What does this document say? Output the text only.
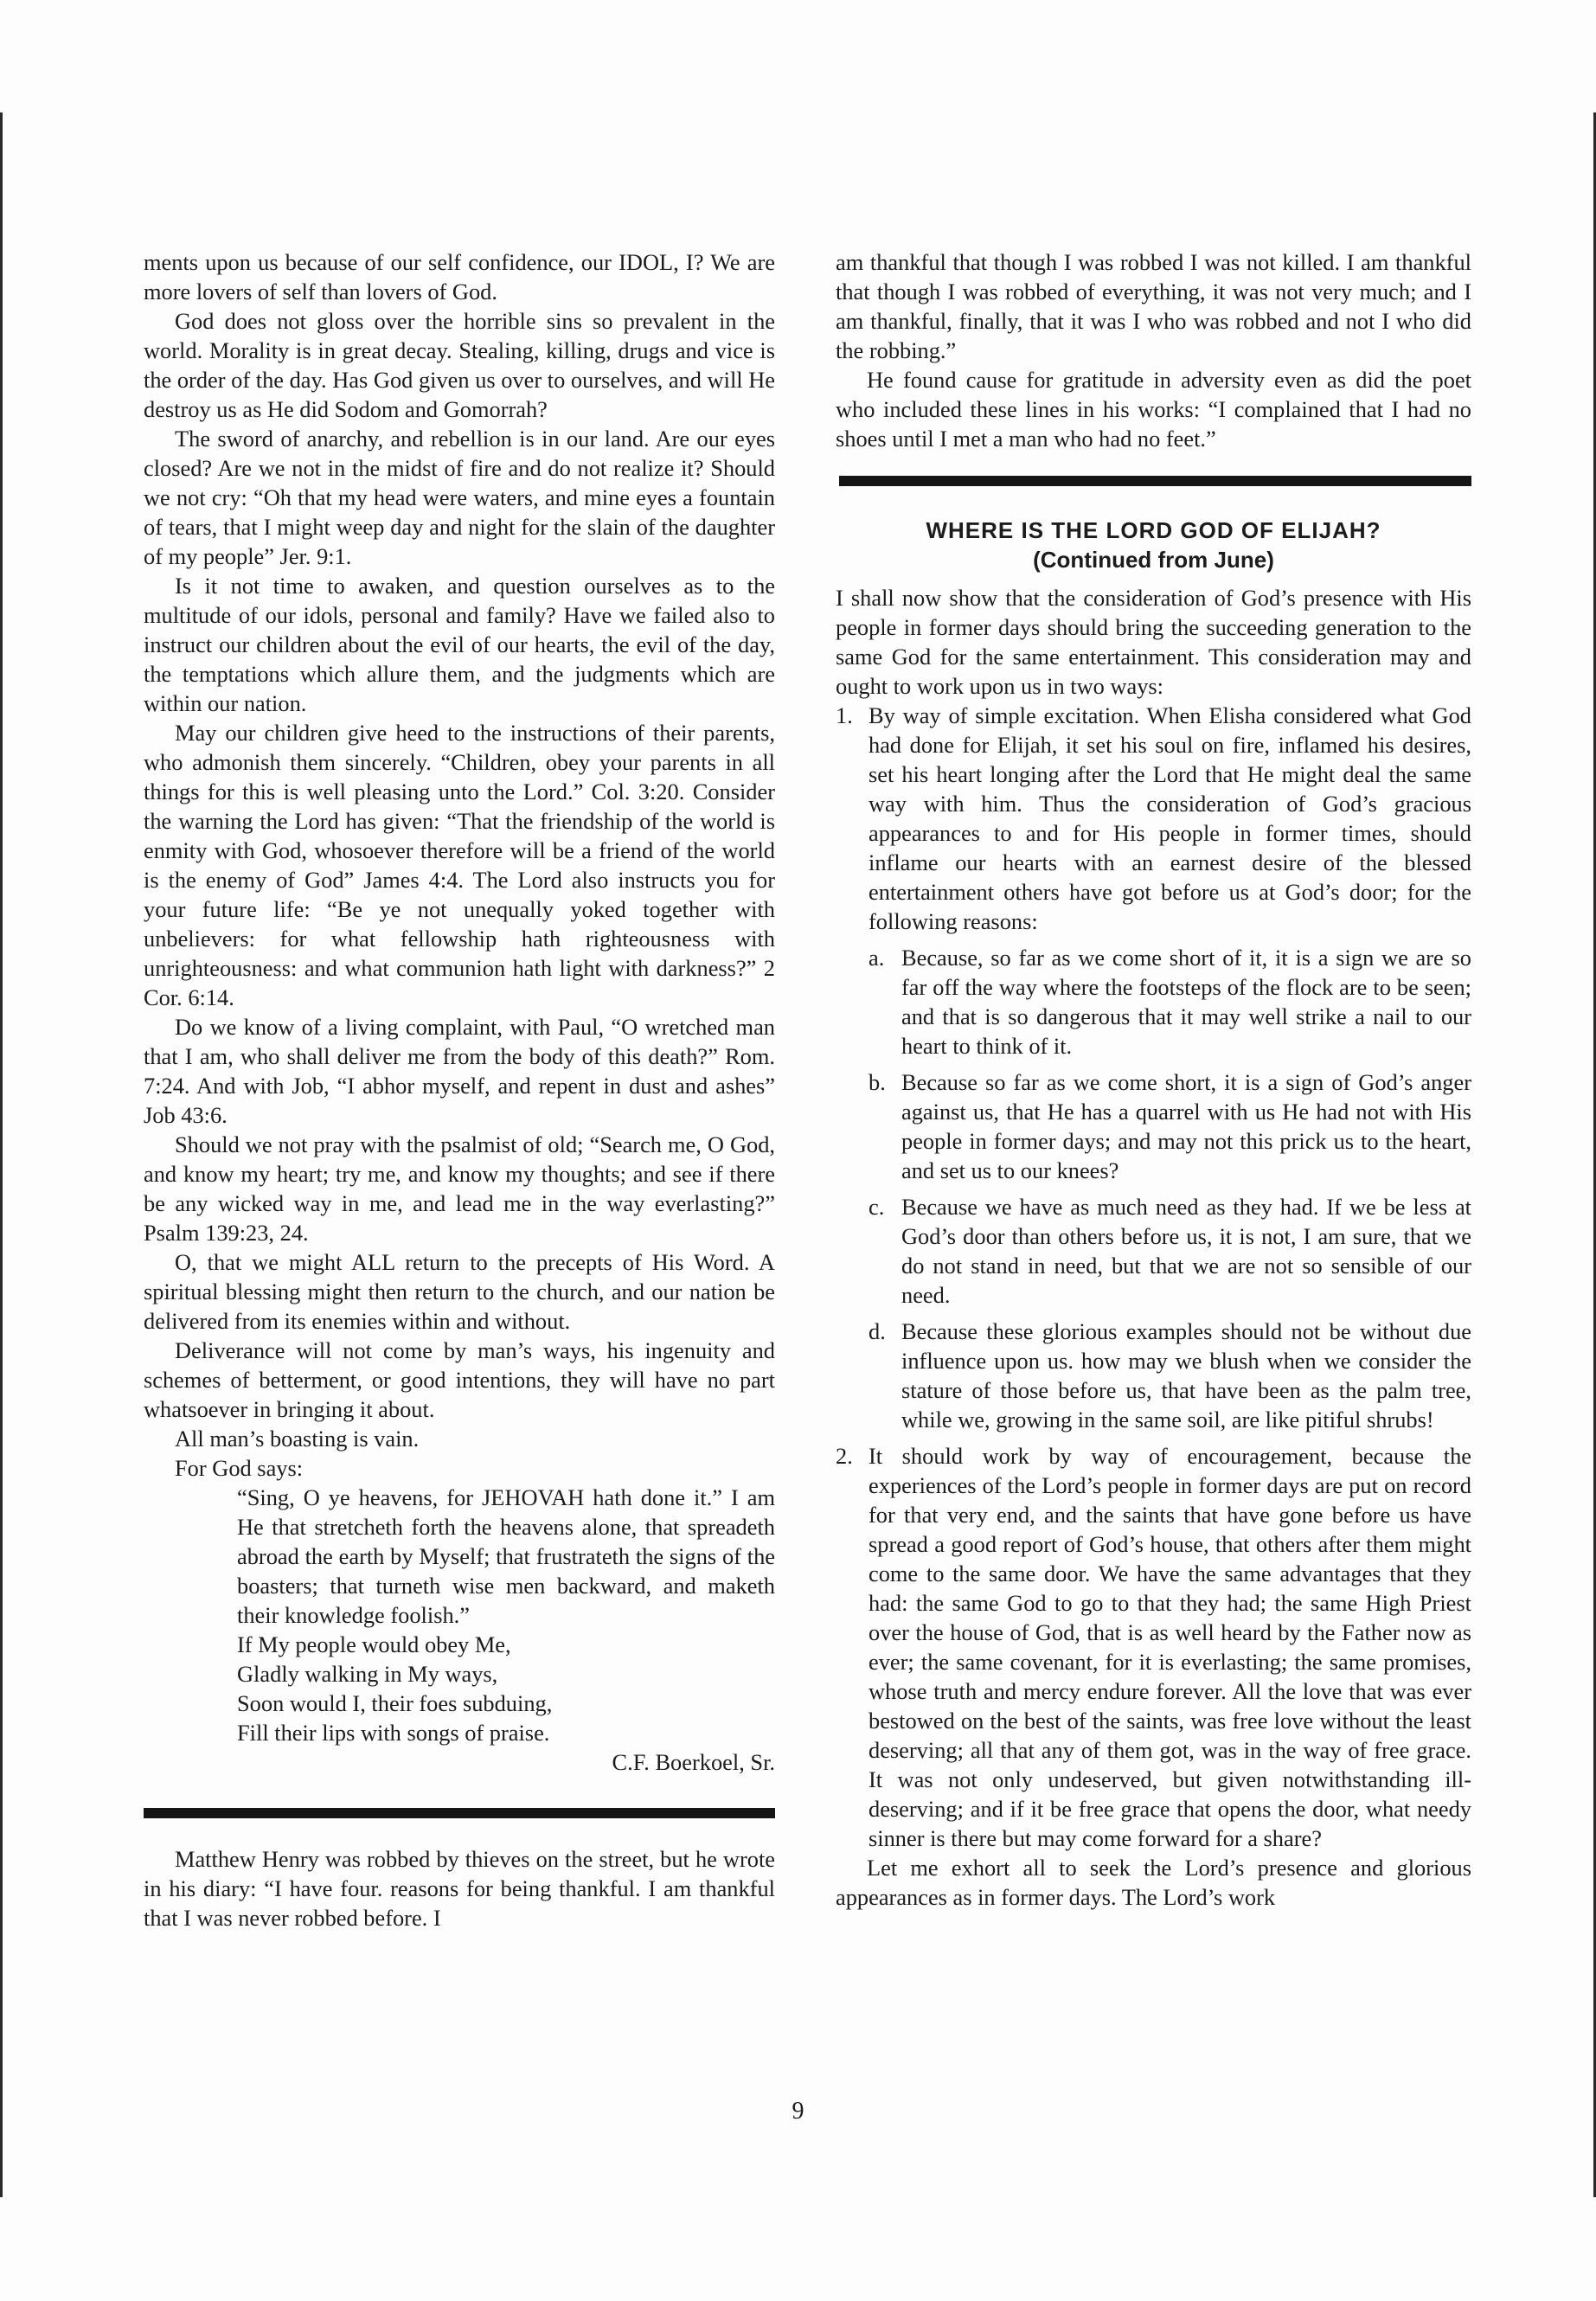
ments upon us because of our self confidence, our IDOL, I? We are more lovers of self than lovers of God.

God does not gloss over the horrible sins so prevalent in the world. Morality is in great decay. Stealing, killing, drugs and vice is the order of the day. Has God given us over to ourselves, and will He destroy us as He did Sodom and Gomorrah?

The sword of anarchy, and rebellion is in our land. Are our eyes closed? Are we not in the midst of fire and do not realize it? Should we not cry: “Oh that my head were waters, and mine eyes a fountain of tears, that I might weep day and night for the slain of the daughter of my people” Jer. 9:1.

Is it not time to awaken, and question ourselves as to the multitude of our idols, personal and family? Have we failed also to instruct our children about the evil of our hearts, the evil of the day, the temptations which allure them, and the judgments which are within our nation.

May our children give heed to the instructions of their parents, who admonish them sincerely. “Children, obey your parents in all things for this is well pleasing unto the Lord.” Col. 3:20. Consider the warning the Lord has given: “That the friendship of the world is enmity with God, whosoever therefore will be a friend of the world is the enemy of God” James 4:4. The Lord also instructs you for your future life: “Be ye not unequally yoked together with unbelievers: for what fellowship hath righteousness with unrighteousness: and what communion hath light with darkness?” 2 Cor. 6:14.

Do we know of a living complaint, with Paul, “O wretched man that I am, who shall deliver me from the body of this death?” Rom. 7:24. And with Job, “I abhor myself, and repent in dust and ashes” Job 43:6.

Should we not pray with the psalmist of old; “Search me, O God, and know my heart; try me, and know my thoughts; and see if there be any wicked way in me, and lead me in the way everlasting?” Psalm 139:23, 24.

O, that we might ALL return to the precepts of His Word. A spiritual blessing might then return to the church, and our nation be delivered from its enemies within and without.

Deliverance will not come by man’s ways, his ingenuity and schemes of betterment, or good intentions, they will have no part whatsoever in bringing it about.

All man’s boasting is vain.

For God says:

“Sing, O ye heavens, for JEHOVAH hath done it.” I am He that stretcheth forth the heavens alone, that spreadeth abroad the earth by Myself; that frustrateth the signs of the boasters; that turneth wise men backward, and maketh their knowledge foolish.”

If My people would obey Me,

Gladly walking in My ways,

Soon would I, their foes subduing,

Fill their lips with songs of praise.

C.F. Boerkoel, Sr.

Matthew Henry was robbed by thieves on the street, but he wrote in his diary: “I have four. reasons for being thankful. I am thankful that I was never robbed before. I

am thankful that though I was robbed I was not killed. I am thankful that though I was robbed of everything, it was not very much; and I am thankful, finally, that it was I who was robbed and not I who did the robbing.”

He found cause for gratitude in adversity even as did the poet who included these lines in his works: “I complained that I had no shoes until I met a man who had no feet.”

WHERE IS THE LORD GOD OF ELIJAH?

(Continued from June)

I shall now show that the consideration of God’s presence with His people in former days should bring the succeeding generation to the same God for the same entertainment. This consideration may and ought to work upon us in two ways:

1. By way of simple excitation. When Elisha considered what God had done for Elijah, it set his soul on fire, inflamed his desires, set his heart longing after the Lord that He might deal the same way with him. Thus the consideration of God’s gracious appearances to and for His people in former times, should inflame our hearts with an earnest desire of the blessed entertainment others have got before us at God’s door; for the following reasons:

a. Because, so far as we come short of it, it is a sign we are so far off the way where the footsteps of the flock are to be seen; and that is so dangerous that it may well strike a nail to our heart to think of it.

b. Because so far as we come short, it is a sign of God’s anger against us, that He has a quarrel with us He had not with His people in former days; and may not this prick us to the heart, and set us to our knees?

c. Because we have as much need as they had. If we be less at God’s door than others before us, it is not, I am sure, that we do not stand in need, but that we are not so sensible of our need.

d. Because these glorious examples should not be without due influence upon us. how may we blush when we consider the stature of those before us, that have been as the palm tree, while we, growing in the same soil, are like pitiful shrubs!

2. It should work by way of encouragement, because the experiences of the Lord’s people in former days are put on record for that very end, and the saints that have gone before us have spread a good report of God’s house, that others after them might come to the same door. We have the same advantages that they had: the same God to go to that they had; the same High Priest over the house of God, that is as well heard by the Father now as ever; the same covenant, for it is everlasting; the same promises, whose truth and mercy endure forever. All the love that was ever bestowed on the best of the saints, was free love without the least deserving; all that any of them got, was in the way of free grace. It was not only undeserved, but given notwithstanding ill-deserving; and if it be free grace that opens the door, what needy sinner is there but may come forward for a share?

Let me exhort all to seek the Lord’s presence and glorious appearances as in former days. The Lord’s work

9
